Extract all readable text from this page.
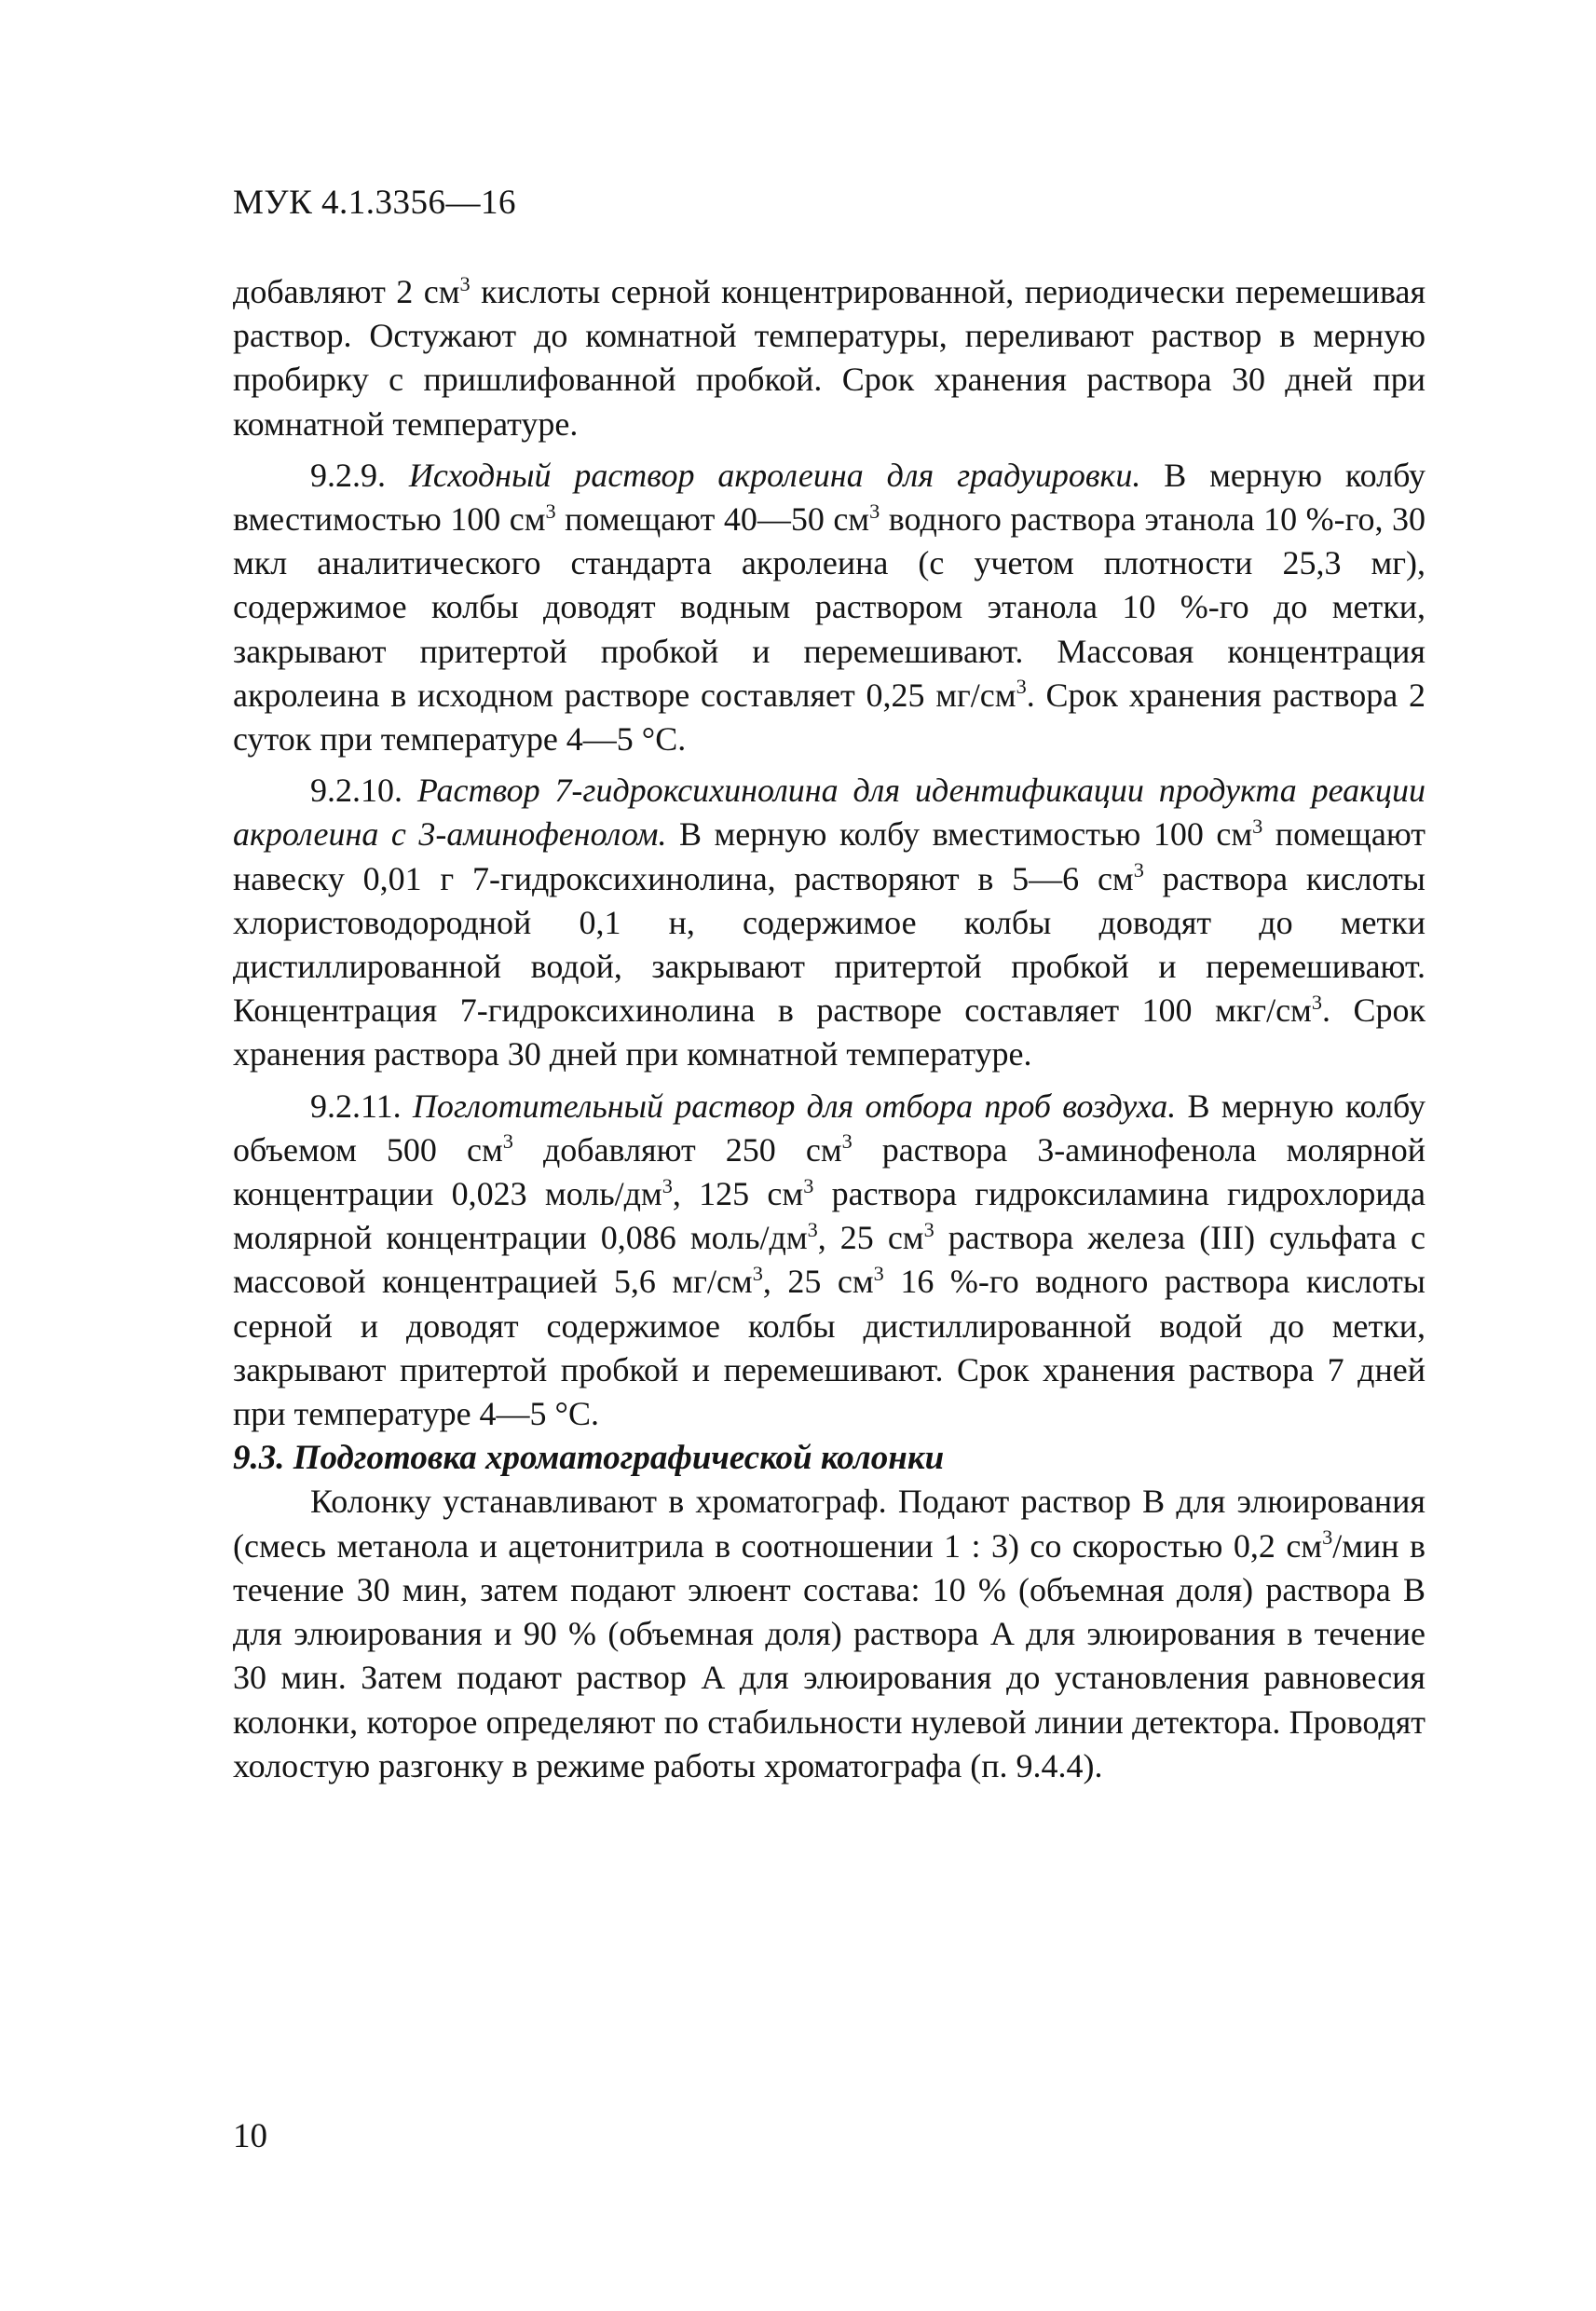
МУК 4.1.3356—16

добавляют 2 $см^3$ кислоты серной концентрированной, периодически перемешивая раствор. Остужают до комнатной температуры, переливают раствор в мерную пробирку с пришлифованной пробкой. Срок хранения раствора 30 дней при комнатной температуре.

9.2.9. Исходный раствор акролеина для градуировки. В мерную колбу вместимостью 100 $см^3$ помещают 40—50 $см^3$ водного раствора этанола 10 %-го, 30 мкл аналитического стандарта акролеина (с учетом плотности 25,3 мг), содержимое колбы доводят водным раствором этанола 10 %-го до метки, закрывают притертой пробкой и перемешивают. Массовая концентрация акролеина в исходном растворе составляет 0,25 $мг/см^3$. Срок хранения раствора 2 суток при температуре 4—5 °С.

9.2.10. Раствор 7-гидроксихинолина для идентификации продукта реакции акролеина с 3-аминофенолом. В мерную колбу вместимостью 100 $см^3$ помещают навеску 0,01 г 7-гидроксихинолина, растворяют в 5—6 $см^3$ раствора кислоты хлористоводородной 0,1 н, содержимое колбы доводят до метки дистиллированной водой, закрывают притертой пробкой и перемешивают. Концентрация 7-гидроксихинолина в растворе составляет 100 мкг/$см^3$. Срок хранения раствора 30 дней при комнатной температуре.

9.2.11. Поглотительный раствор для отбора проб воздуха. В мерную колбу объемом 500 $см^3$ добавляют 250 $см^3$ раствора 3-аминофенола молярной концентрации 0,023 моль/$дм^3$, 125 $см^3$ раствора гидроксиламина гидрохлорида молярной концентрации 0,086 моль/$дм^3$, 25 $см^3$ раствора железа (III) сульфата с массовой концентрацией 5,6 $мг/см^3$, 25 $см^3$ 16 %-го водного раствора кислоты серной и доводят содержимое колбы дистиллированной водой до метки, закрывают притертой пробкой и перемешивают. Срок хранения раствора 7 дней при температуре 4—5 °С.

9.3. Подготовка хроматографической колонки

Колонку устанавливают в хроматограф. Подают раствор В для элюирования (смесь метанола и ацетонитрила в соотношении 1 : 3) со скоростью 0,2 $см^3$/мин в течение 30 мин, затем подают элюент состава: 10 % (объемная доля) раствора В для элюирования и 90 % (объемная доля) раствора А для элюирования в течение 30 мин. Затем подают раствор А для элюирования до установления равновесия колонки, которое определяют по стабильности нулевой линии детектора. Проводят холостую разгонку в режиме работы хроматографа (п. 9.4.4).

10
